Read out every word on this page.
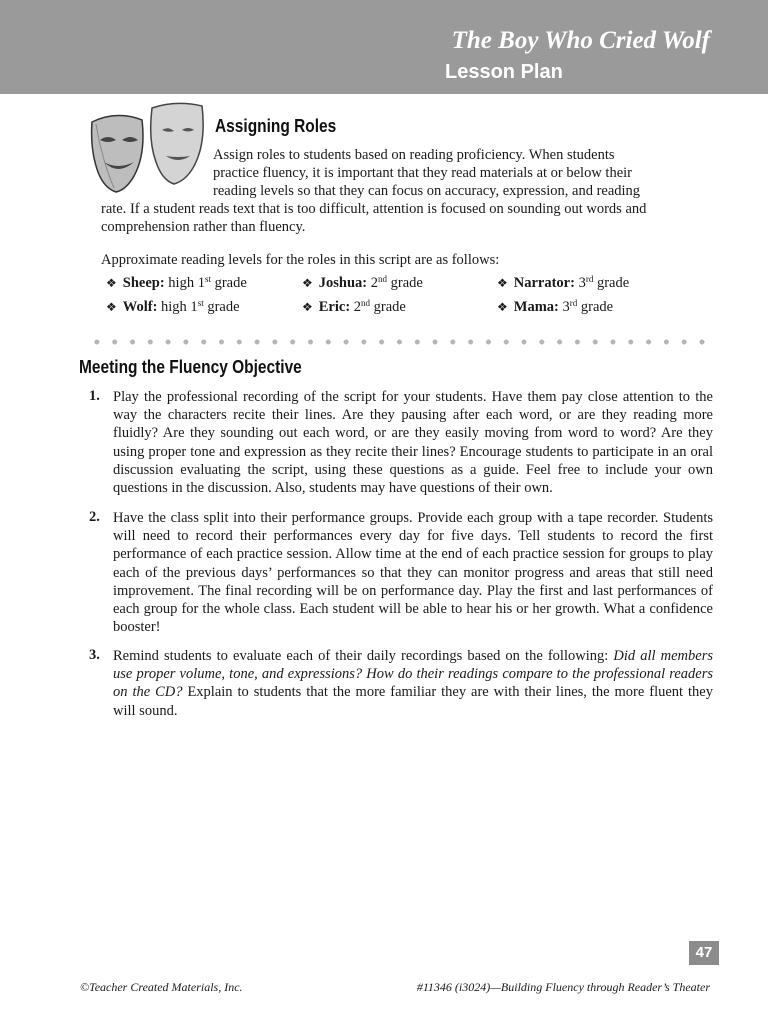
The Boy Who Cried Wolf
Lesson Plan
Assigning Roles
Assign roles to students based on reading proficiency. When students
practice fluency, it is important that they read materials at or below their
reading levels so that they can focus on accuracy, expression, and reading
rate. If a student reads text that is too difficult, attention is focused on sounding out words and
comprehension rather than fluency.
Approximate reading levels for the roles in this script are as follows:
❖ Sheep: high 1st grade	❖ Joshua: 2nd grade	❖ Narrator: 3rd grade
❖ Wolf: high 1st grade	❖ Eric: 2nd grade	❖ Mama: 3rd grade
Meeting the Fluency Objective
1. Play the professional recording of the script for your students. Have them pay close attention to the way the characters recite their lines. Are they pausing after each word, or are they reading more fluidly? Are they sounding out each word, or are they easily moving from word to word? Are they using proper tone and expression as they recite their lines? Encourage students to participate in an oral discussion evaluating the script, using these questions as a guide. Feel free to include your own questions in the discussion. Also, students may have questions of their own.
2. Have the class split into their performance groups. Provide each group with a tape recorder. Students will need to record their performances every day for five days. Tell students to record the first performance of each practice session. Allow time at the end of each practice session for groups to play each of the previous days’ performances so that they can monitor progress and areas that still need improvement. The final recording will be on performance day. Play the first and last performances of each group for the whole class. Each student will be able to hear his or her growth. What a confidence booster!
3. Remind students to evaluate each of their daily recordings based on the following: Did all members use proper volume, tone, and expressions? How do their readings compare to the professional readers on the CD? Explain to students that the more familiar they are with their lines, the more fluent they will sound.
47
©Teacher Created Materials, Inc.	#11346 (i3024)—Building Fluency through Reader’s Theater
